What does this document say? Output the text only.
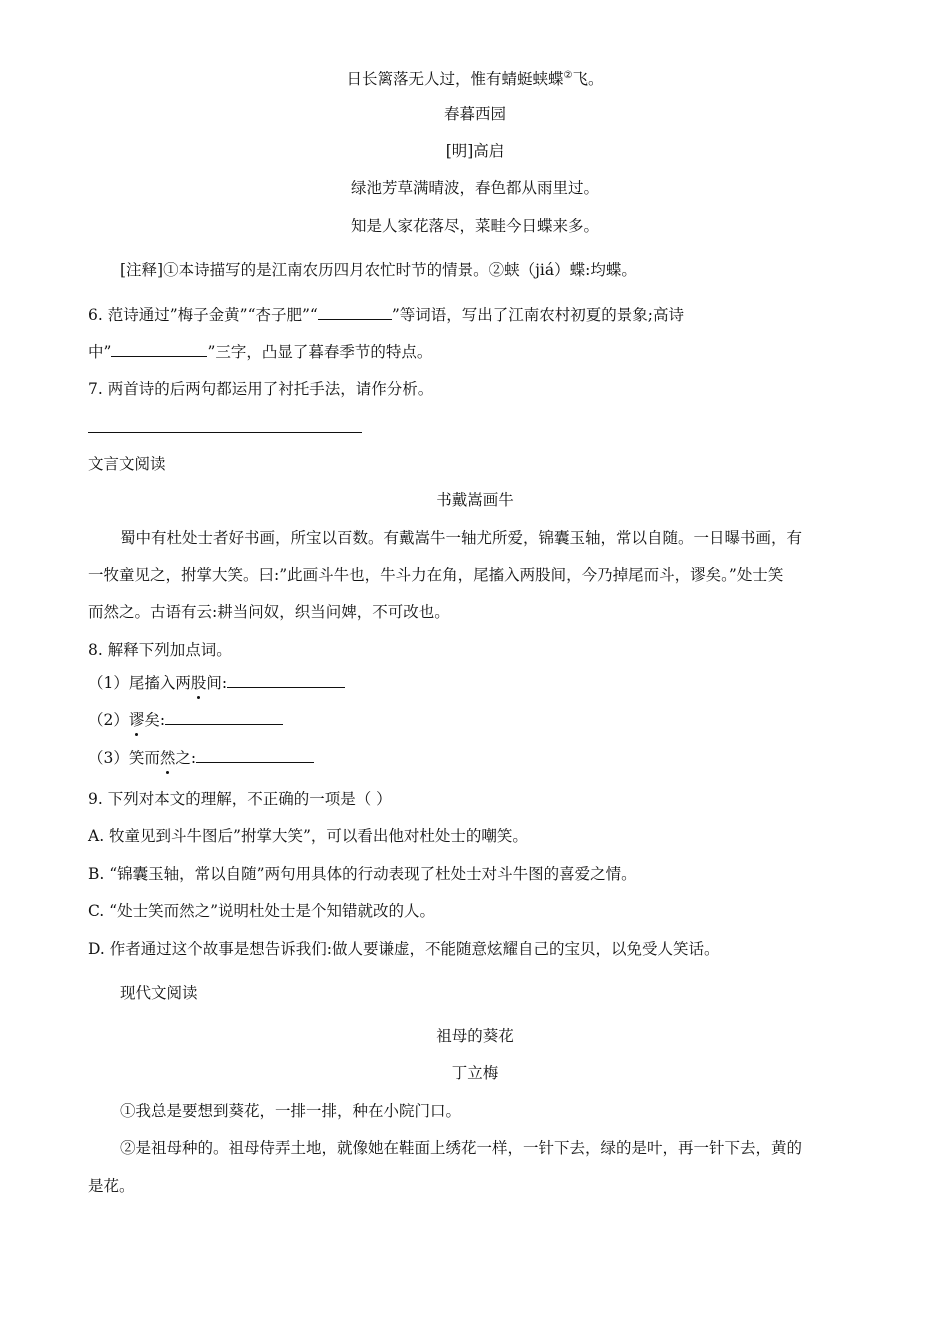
日长篱落无人过，惟有蜻蜓蛱蝶②飞。
春暮西园
[明]高启
绿池芳草满晴波，春色都从雨里过。
知是人家花落尽，菜畦今日蝶来多。
[注释]①本诗描写的是江南农历四月农忙时节的情景。②蛱（jiá）蝶:均蝶。
6. 范诗通过”梅子金黄”“杏子肥”“	”等词语，写出了江南农村初夏的景象;高诗
中”	”三字，凸显了暮春季节的特点。
7. 两首诗的后两句都运用了衬托手法，请作分析。
文言文阅读
书戴嵩画牛
蜀中有杜处士者好书画，所宝以百数。有戴嵩牛一轴尤所爱，锦囊玉轴，常以自随。一日曝书画，有
一牧童见之，拊掌大笑。曰:”此画斗牛也，牛斗力在角，尾搐入两股间，今乃掉尾而斗，谬矣。”处士笑
而然之。古语有云:耕当问奴，织当问婢，不可改也。
8. 解释下列加点词。
（1）尾搐入两股间:
（2）谬矣:
（3）笑而然之:
9. 下列对本文的理解，不正确的一项是（ ）
A. 牧童见到斗牛图后”拊掌大笑”，可以看出他对杜处士的嘲笑。
B. “锦囊玉轴，常以自随”两句用具体的行动表现了杜处士对斗牛图的喜爱之情。
C. “处士笑而然之”说明杜处士是个知错就改的人。
D. 作者通过这个故事是想告诉我们:做人要谦虚，不能随意炫耀自己的宝贝，以免受人笑话。
现代文阅读
祖母的葵花
丁立梅
①我总是要想到葵花，一排一排，种在小院门口。
②是祖母种的。祖母侍弄土地，就像她在鞋面上绣花一样，一针下去，绿的是叶，再一针下去，黄的
是花。
